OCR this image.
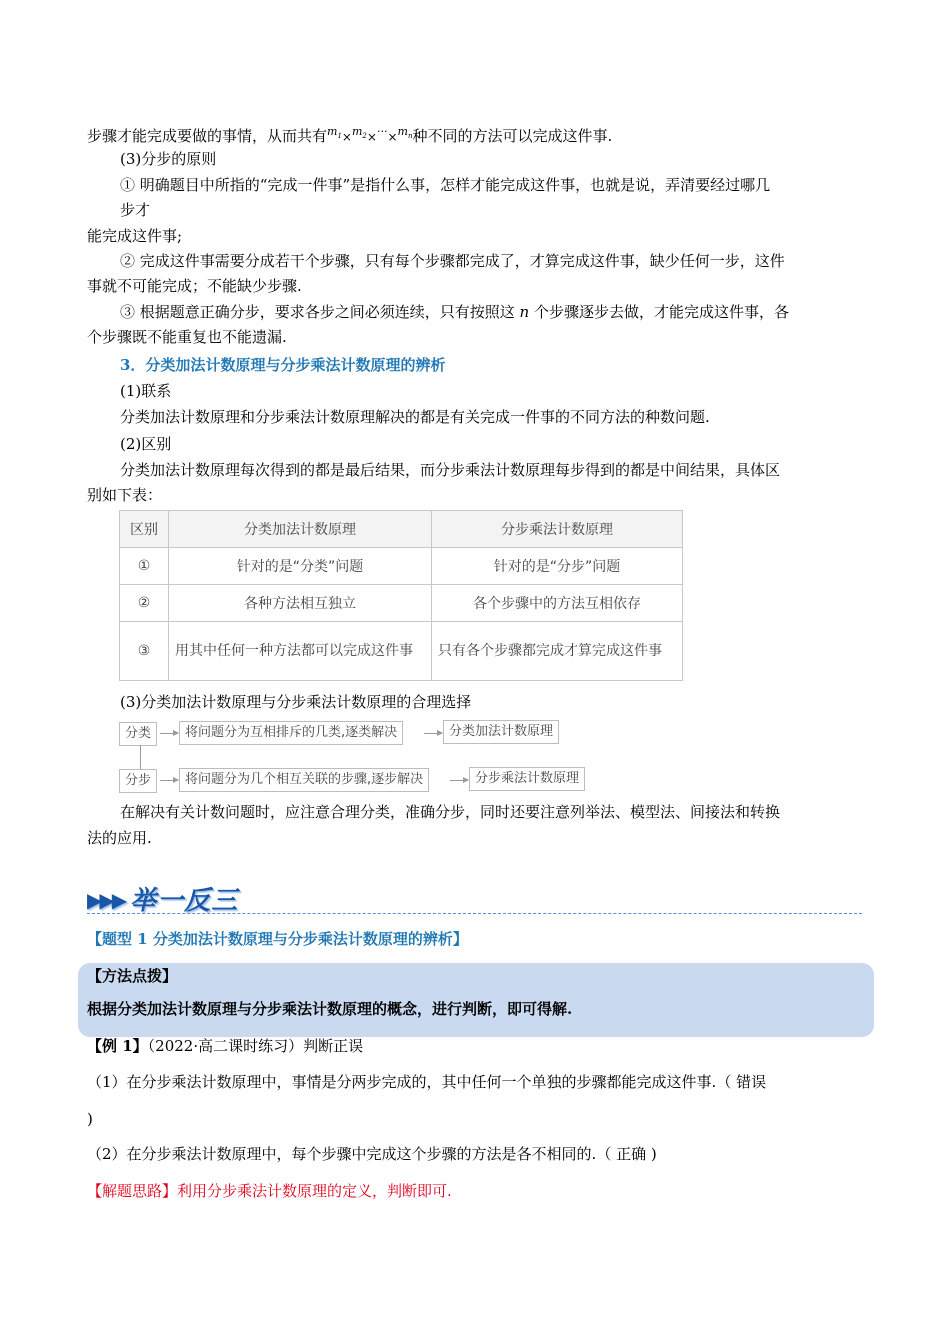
步骤才能完成要做的事情，从而共有$^{m_1}$×$^{m_2}$×···×$^{m_n}$种不同的方法可以完成这件事.
(3)分步的原则
① 明确题目中所指的“完成一件事”是指什么事，怎样才能完成这件事，也就是说，弄清要经过哪几
步才
能完成这件事;
② 完成这件事需要分成若干个步骤，只有每个步骤都完成了，才算完成这件事，缺少任何一步，这件
事就不可能完成；不能缺少步骤.
③ 根据题意正确分步，要求各步之间必须连续，只有按照这 n 个步骤逐步去做，才能完成这件事，各
个步骤既不能重复也不能遗漏.
3．分类加法计数原理与分步乘法计数原理的辨析
(1)联系
分类加法计数原理和分步乘法计数原理解决的都是有关完成一件事的不同方法的种数问题.
(2)区别
分类加法计数原理每次得到的都是最后结果，而分步乘法计数原理每步得到的都是中间结果，具体区
别如下表：
区别	分类加法计数原理	分步乘法计数原理
①	针对的是“分类”问题	针对的是“分步”问题
②	各种方法相互独立	各个步骤中的方法互相依存
③	用其中任何一种方法都可以完成这件事	只有各个步骤都完成才算完成这件事
(3)分类加法计数原理与分步乘法计数原理的合理选择
分类	将问题分为互相排斥的几类,逐类解决	分类加法计数原理
分步	将问题分为几个相互关联的步骤,逐步解决	分步乘法计数原理
在解决有关计数问题时，应注意合理分类，准确分步，同时还要注意列举法、模型法、间接法和转换
法的应用.
▶▶▶ 举一反三
【题型 1 分类加法计数原理与分步乘法计数原理的辨析】
【方法点拨】
根据分类加法计数原理与分步乘法计数原理的概念，进行判断，即可得解.
【例 1】（2022·高二课时练习）判断正误
（1）在分步乘法计数原理中，事情是分两步完成的，其中任何一个单独的步骤都能完成这件事.（ 错误
)
（2）在分步乘法计数原理中，每个步骤中完成这个步骤的方法是各不相同的.（ 正确 )
【解题思路】利用分步乘法计数原理的定义，判断即可.
